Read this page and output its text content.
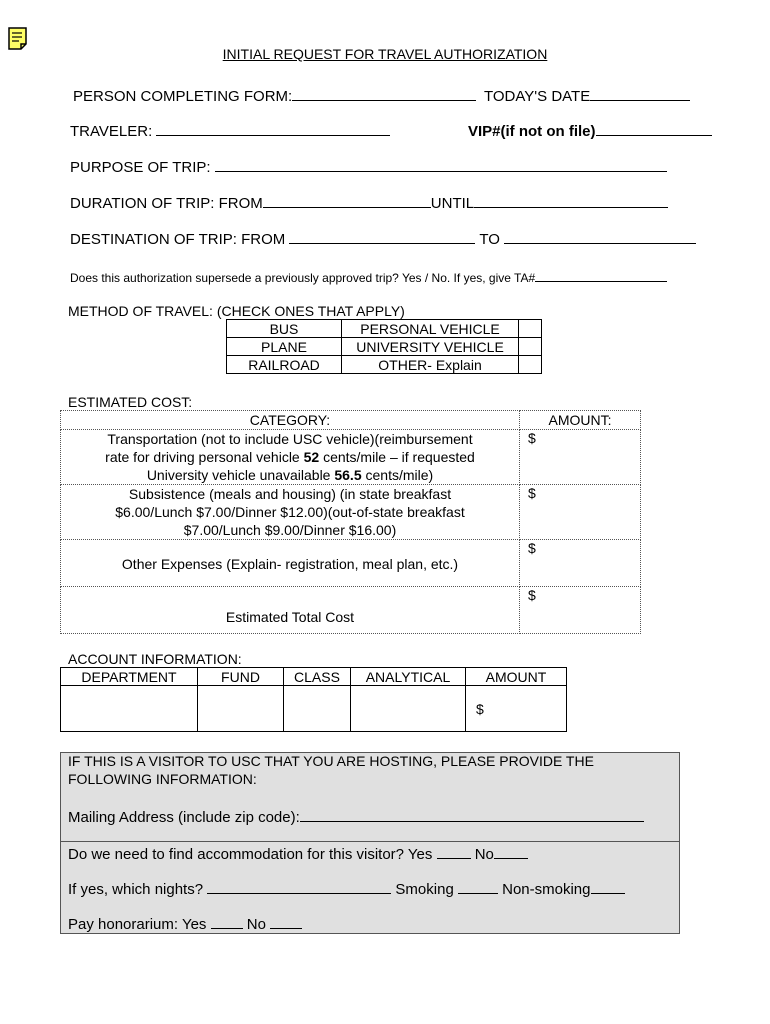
INITIAL REQUEST FOR TRAVEL AUTHORIZATION
PERSON COMPLETING FORM:	TODAY'S DATE
TRAVELER:	VIP#(if not on file)
PURPOSE OF TRIP:
DURATION OF TRIP: FROM	UNTIL
DESTINATION OF TRIP: FROM	TO
Does this authorization supersede a previously approved trip? Yes / No. If yes, give TA#
METHOD OF TRAVEL: (CHECK ONES THAT APPLY)
BUS	PERSONAL VEHICLE	
PLANE	UNIVERSITY VEHICLE	
RAILROAD	OTHER- Explain	
ESTIMATED COST:
CATEGORY:	AMOUNT:

Transportation (not to include USC vehicle)(reimbursement
rate for driving personal vehicle 52 cents/mile – if requested
University vehicle unavailable 56.5 cents/mile)	$

Subsistence (meals and housing) (in state breakfast
$6.00/Lunch $7.00/Dinner $12.00)(out-of-state breakfast
$7.00/Lunch $9.00/Dinner $16.00)	$
Other Expenses (Explain- registration, meal plan, etc.)	$
Estimated Total Cost	$
ACCOUNT INFORMATION:
DEPARTMENT	FUND	CLASS	ANALYTICAL	AMOUNT
				$
IF THIS IS A VISITOR TO USC THAT YOU ARE HOSTING, PLEASE PROVIDE THE
FOLLOWING INFORMATION:
Mailing Address (include zip code):
Do we need to find accommodation for this visitor? Yes	No
If yes, which nights?	Smoking	Non-smoking
Pay honorarium: Yes	No
